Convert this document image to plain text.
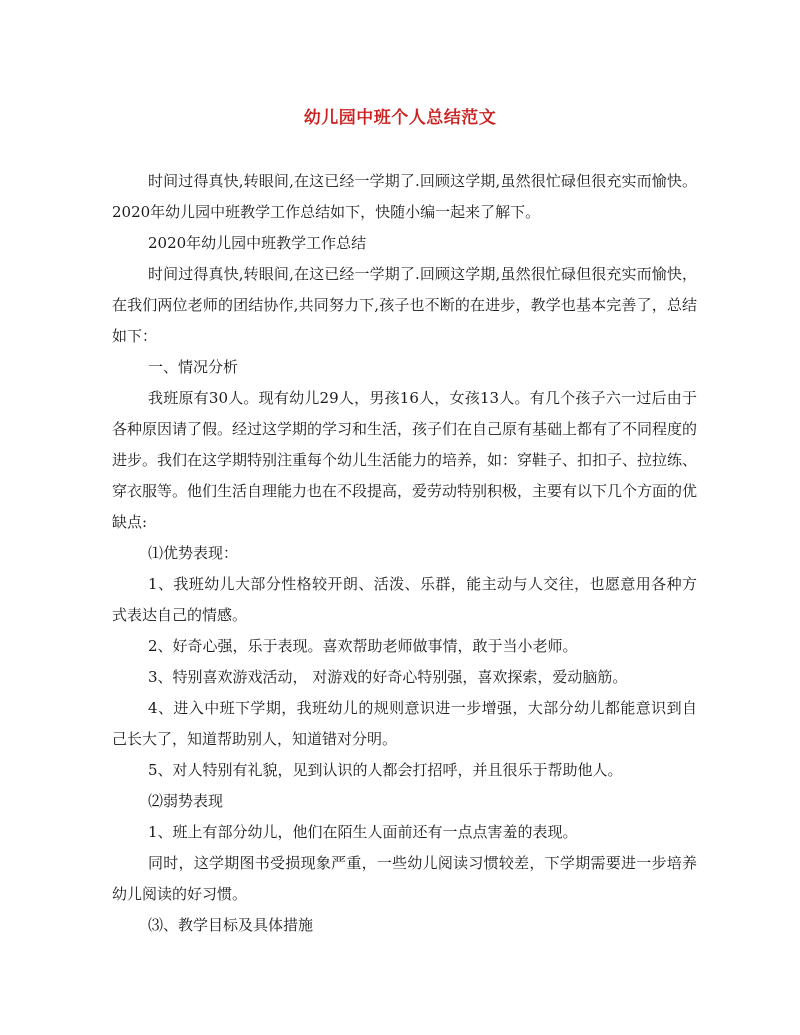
幼儿园中班个人总结范文

时间过得真快,转眼间,在这已经一学期了.回顾这学期,虽然很忙碌但很充实而愉快。2020年幼儿园中班教学工作总结如下，快随小编一起来了解下。

2020年幼儿园中班教学工作总结

时间过得真快,转眼间,在这已经一学期了.回顾这学期,虽然很忙碌但很充实而愉快，在我们两位老师的团结协作,共同努力下,孩子也不断的在进步，教学也基本完善了，总结如下：

一、情况分析

我班原有30人。现有幼儿29人，男孩16人，女孩13人。有几个孩子六一过后由于各种原因请了假。经过这学期的学习和生活，孩子们在自己原有基础上都有了不同程度的进步。我们在这学期特别注重每个幼儿生活能力的培养，如：穿鞋子、扣扣子、拉拉练、穿衣服等。他们生活自理能力也在不段提高，爱劳动特别积极，主要有以下几个方面的优缺点:

⑴优势表现：

1、我班幼儿大部分性格较开朗、活泼、乐群，能主动与人交往，也愿意用各种方式表达自己的情感。

2、好奇心强，乐于表现。喜欢帮助老师做事情，敢于当小老师。

3、特别喜欢游戏活动， 对游戏的好奇心特别强，喜欢探索，爱动脑筋。

4、进入中班下学期，我班幼儿的规则意识进一步增强，大部分幼儿都能意识到自己长大了，知道帮助别人，知道错对分明。

5、对人特别有礼貌，见到认识的人都会打招呼，并且很乐于帮助他人。

⑵弱势表现

1、班上有部分幼儿，他们在陌生人面前还有一点点害羞的表现。

同时，这学期图书受损现象严重，一些幼儿阅读习惯较差，下学期需要进一步培养幼儿阅读的好习惯。

⑶、教学目标及具体措施
